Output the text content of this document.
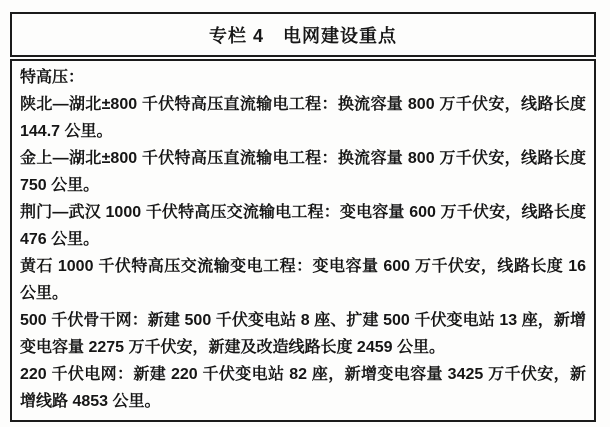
专栏 4　电网建设重点

特高压：

陕北—湖北±800 千伏特高压直流输电工程：换流容量 800 万千伏安，线路长度 144.7 公里。

金上—湖北±800 千伏特高压直流输电工程：换流容量 800 万千伏安，线路长度 750 公里。

荆门—武汉 1000 千伏特高压交流输电工程：变电容量 600 万千伏安，线路长度 476 公里。

黄石 1000 千伏特高压交流输变电工程：变电容量 600 万千伏安，线路长度 16 公里。

500 千伏骨干网：新建 500 千伏变电站 8 座、扩建 500 千伏变电站 13 座，新增变电容量 2275 万千伏安，新建及改造线路长度 2459 公里。

220 千伏电网：新建 220 千伏变电站 82 座，新增变电容量 3425 万千伏安，新增线路 4853 公里。
